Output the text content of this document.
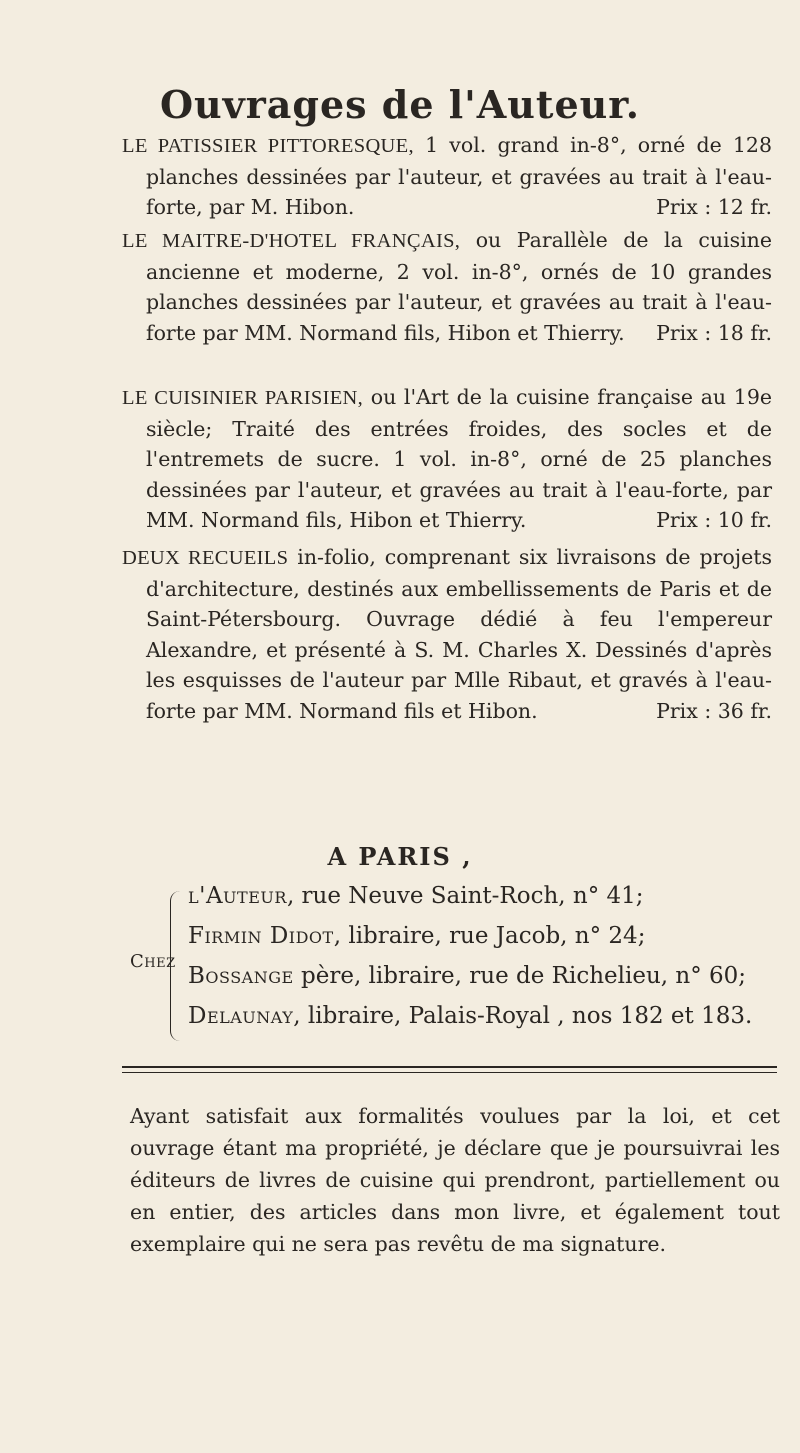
Ouvrages de l'Auteur.

LE PATISSIER PITTORESQUE, 1 vol. grand in-8°, orné de 128 planches dessinées par l'auteur, et gravées au trait à l'eau-forte, par M. Hibon.	Prix : 12 fr.

LE MAITRE-D'HOTEL FRANÇAIS, ou Parallèle de la cuisine ancienne et moderne, 2 vol. in-8°, ornés de 10 grandes planches dessinées par l'auteur, et gravées au trait à l'eau-forte par MM. Normand fils, Hibon et Thierry. Prix : 18 fr.

LE CUISINIER PARISIEN, ou l'Art de la cuisine française au 19e siècle; Traité des entrées froides, des socles et de l'entremets de sucre. 1 vol. in-8°, orné de 25 planches dessinées par l'auteur, et gravées au trait à l'eau-forte, par MM. Normand fils, Hibon et Thierry.	Prix : 10 fr.

DEUX RECUEILS in-folio, comprenant six livraisons de projets d'architecture, destinés aux embellissements de Paris et de Saint-Pétersbourg. Ouvrage dédié à feu l'empereur Alexandre, et présenté à S. M. Charles X. Dessinés d'après les esquisses de l'auteur par Mlle Ribaut, et gravés à l'eau-forte par MM. Normand fils et Hibon.	Prix : 36 fr.

A PARIS ,
Chez
l'Auteur, rue Neuve Saint-Roch, n° 41;
Firmin Didot, libraire, rue Jacob, n° 24;
Bossange père, libraire, rue de Richelieu, n° 60;
Delaunay, libraire, Palais-Royal , nos 182 et 183.
Ayant satisfait aux formalités voulues par la loi, et cet ouvrage étant ma propriété, je déclare que je poursuivrai les éditeurs de livres de cuisine qui prendront, partiellement ou en entier, des articles dans mon livre, et également tout exemplaire qui ne sera pas revêtu de ma signature.
